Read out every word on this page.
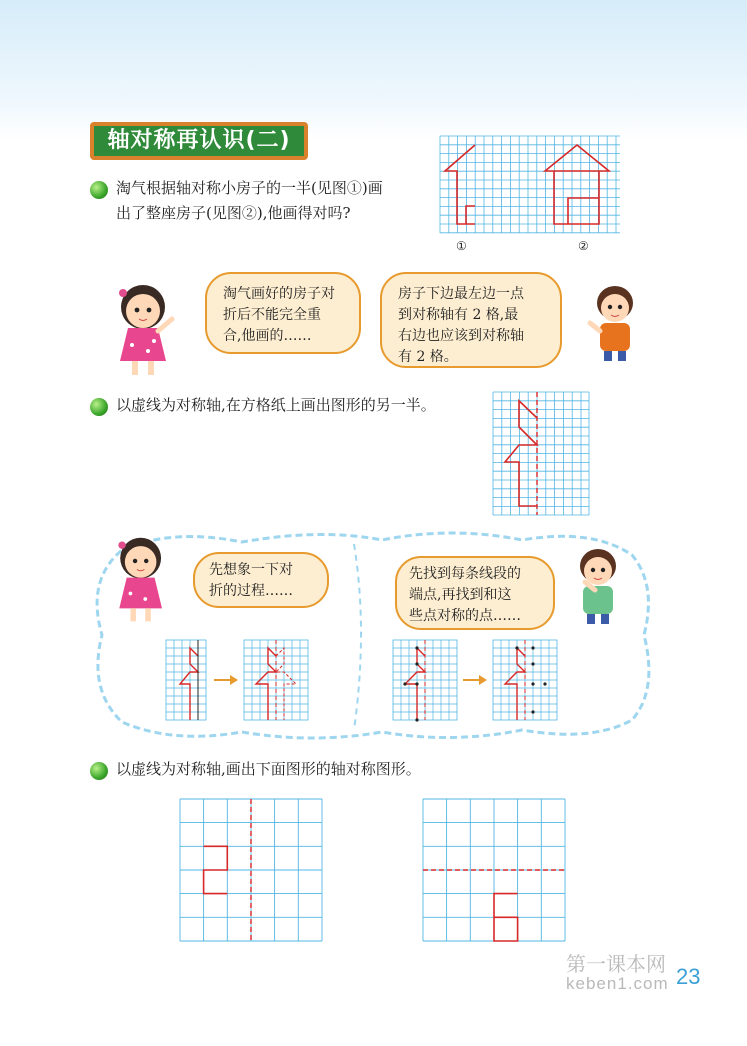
轴对称再认识(二)
淘气根据轴对称小房子的一半(见图①)画
出了整座房子(见图②),他画得对吗?
①	②
淘气画好的房子对
折后不能完全重
合,他画的……
房子下边最左边一点
到对称轴有 2 格,最
右边也应该到对称轴
有 2 格。
以虚线为对称轴,在方格纸上画出图形的另一半。
先想象一下对
折的过程……
先找到每条线段的
端点,再找到和这
些点对称的点……
以虚线为对称轴,画出下面图形的轴对称图形。
第一课本网
keben1.com 23
